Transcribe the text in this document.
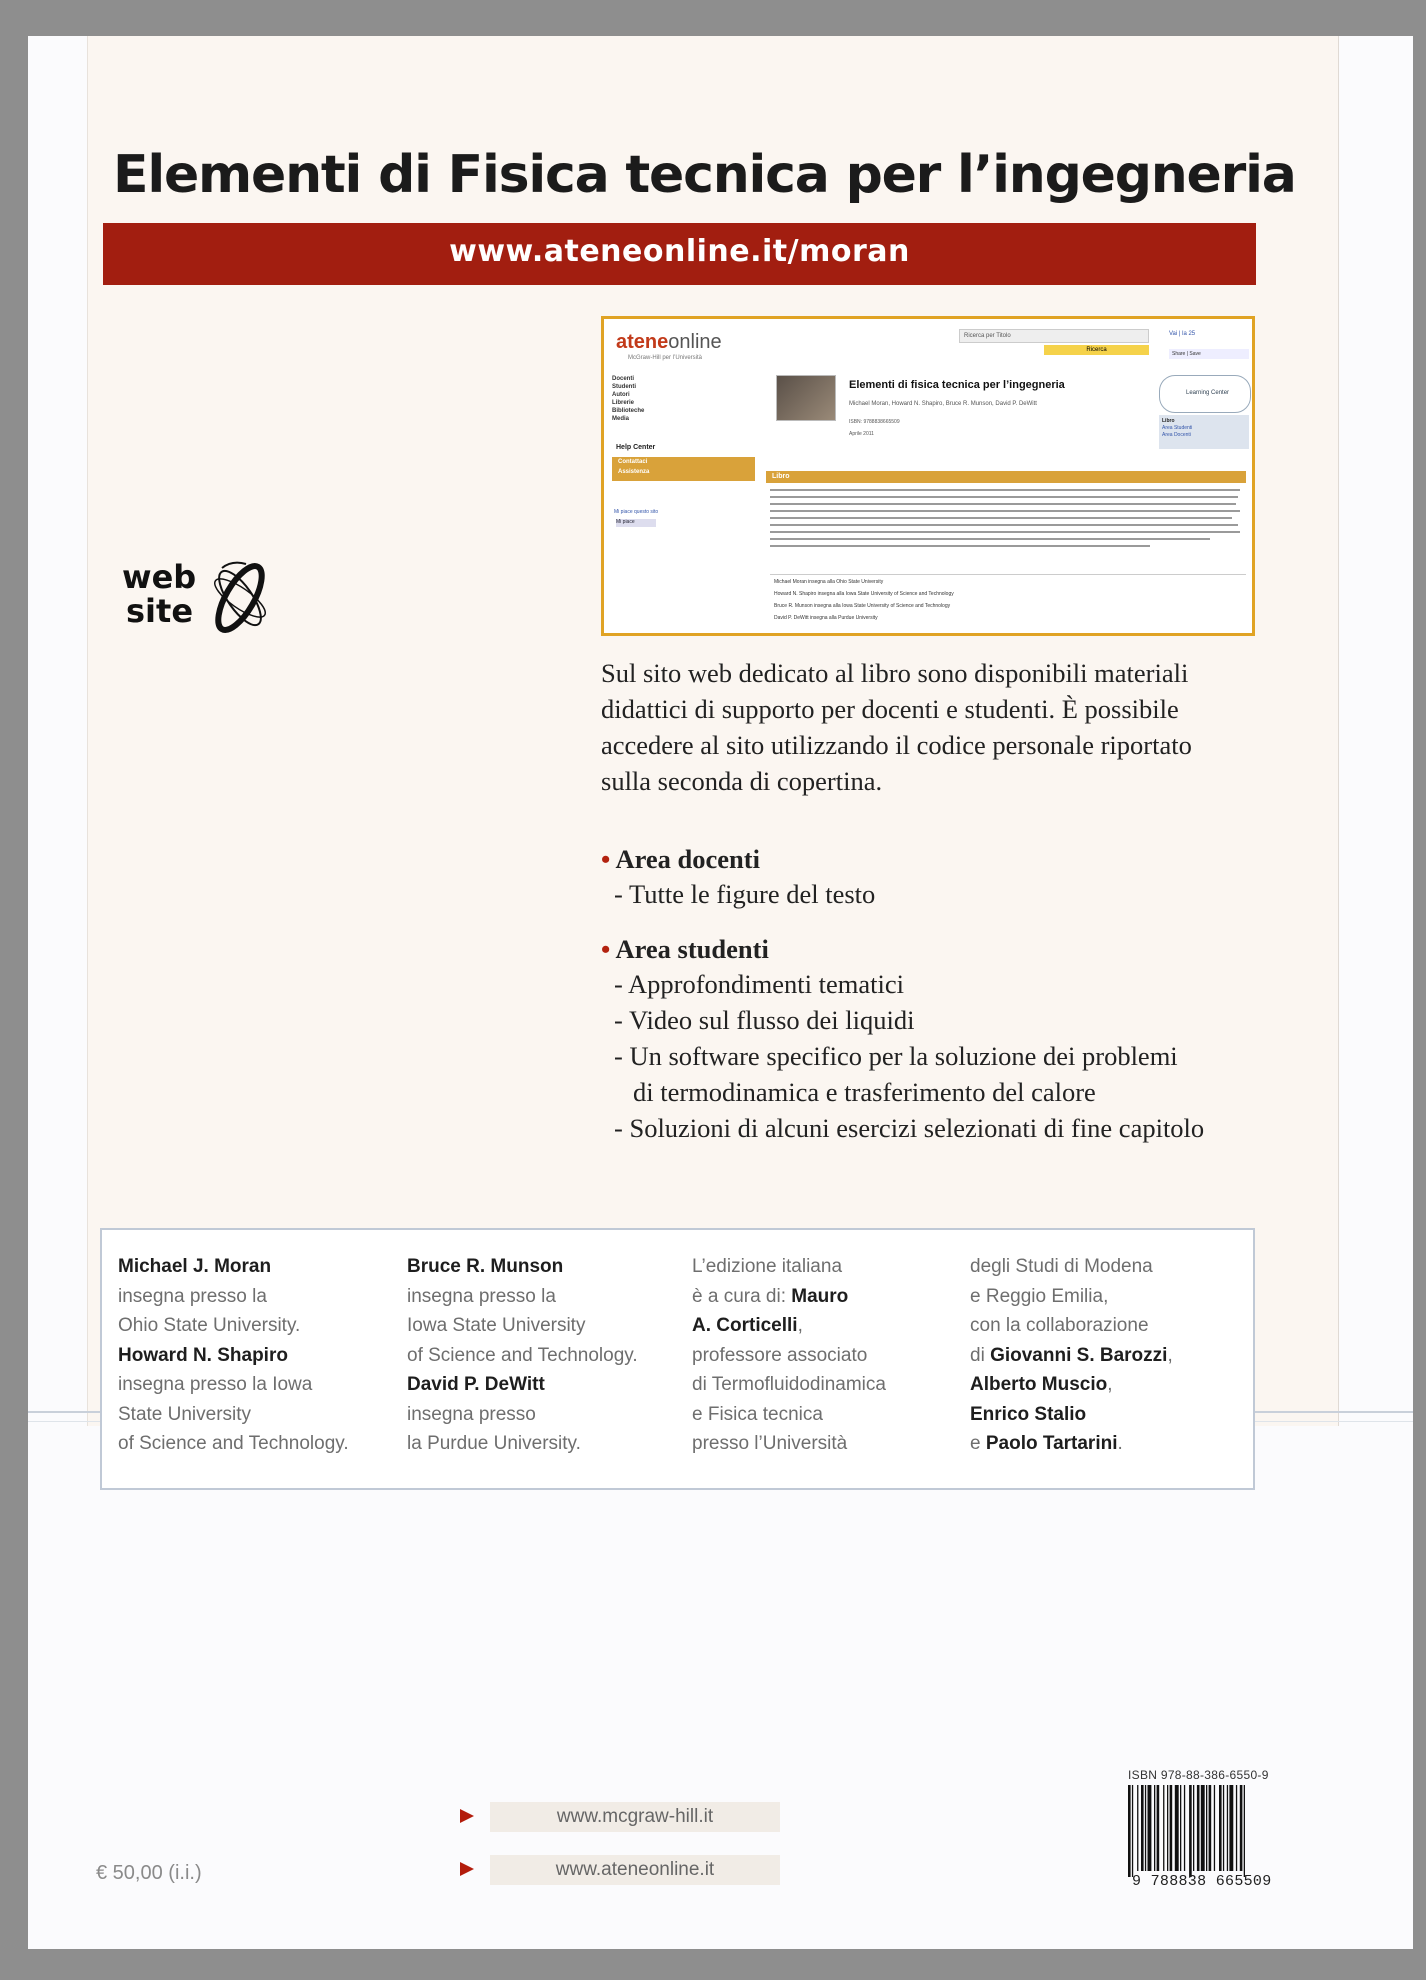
Elementi di Fisica tecnica per l’ingegneria
www.ateneonline.it/moran
ateneonline
McGraw-Hill per l’Università
Ricerca per Titolo
Ricerca
Vai | la 25
Share | Save
Docenti
Studenti
Autori
Librerie
Biblioteche
Media
Help Center
Contattaci
Assistenza
Mi piace questo sito
Mi piace
Elementi di fisica tecnica per l’ingegneria
Michael Moran, Howard N. Shapiro, Bruce R. Munson, David P. DeWitt
ISBN: 9788838665509
Aprile 2011
Learning Center
Libro
Area Studenti
Area Docenti
Libro
Michael Moran insegna alla Ohio State University
Howard N. Shapiro insegna alla Iowa State University of Science and Technology
Bruce R. Munson insegna alla Iowa State University of Science and Technology
David P. DeWitt insegna alla Purdue University
web
site
Sul sito web dedicato al libro sono disponibili materiali
didattici di supporto per docenti e studenti. È possibile
accedere al sito utilizzando il codice personale riportato
sulla seconda di copertina.
• Area docenti
- Tutte le figure del testo
• Area studenti
- Approfondimenti tematici
- Video sul flusso dei liquidi
- Un software specifico per la soluzione dei problemi
di termodinamica e trasferimento del calore
- Soluzioni di alcuni esercizi selezionati di fine capitolo
Michael J. Moran
insegna presso la
Ohio State University.
Howard N. Shapiro
insegna presso la Iowa
State University
of Science and Technology.
Bruce R. Munson
insegna presso la
Iowa State University
of Science and Technology.
David P. DeWitt
insegna presso
la Purdue University.
L’edizione italiana
è a cura di: Mauro
A. Corticelli,
professore associato
di Termofluidodinamica
e Fisica tecnica
presso l’Università
degli Studi di Modena
e Reggio Emilia,
con la collaborazione
di Giovanni S. Barozzi,
Alberto Muscio,
Enrico Stalio
e Paolo Tartarini.
www.mcgraw-hill.it
www.ateneonline.it
€ 50,00 (i.i.)
ISBN 978-88-386-6550-9
9 788838 665509
